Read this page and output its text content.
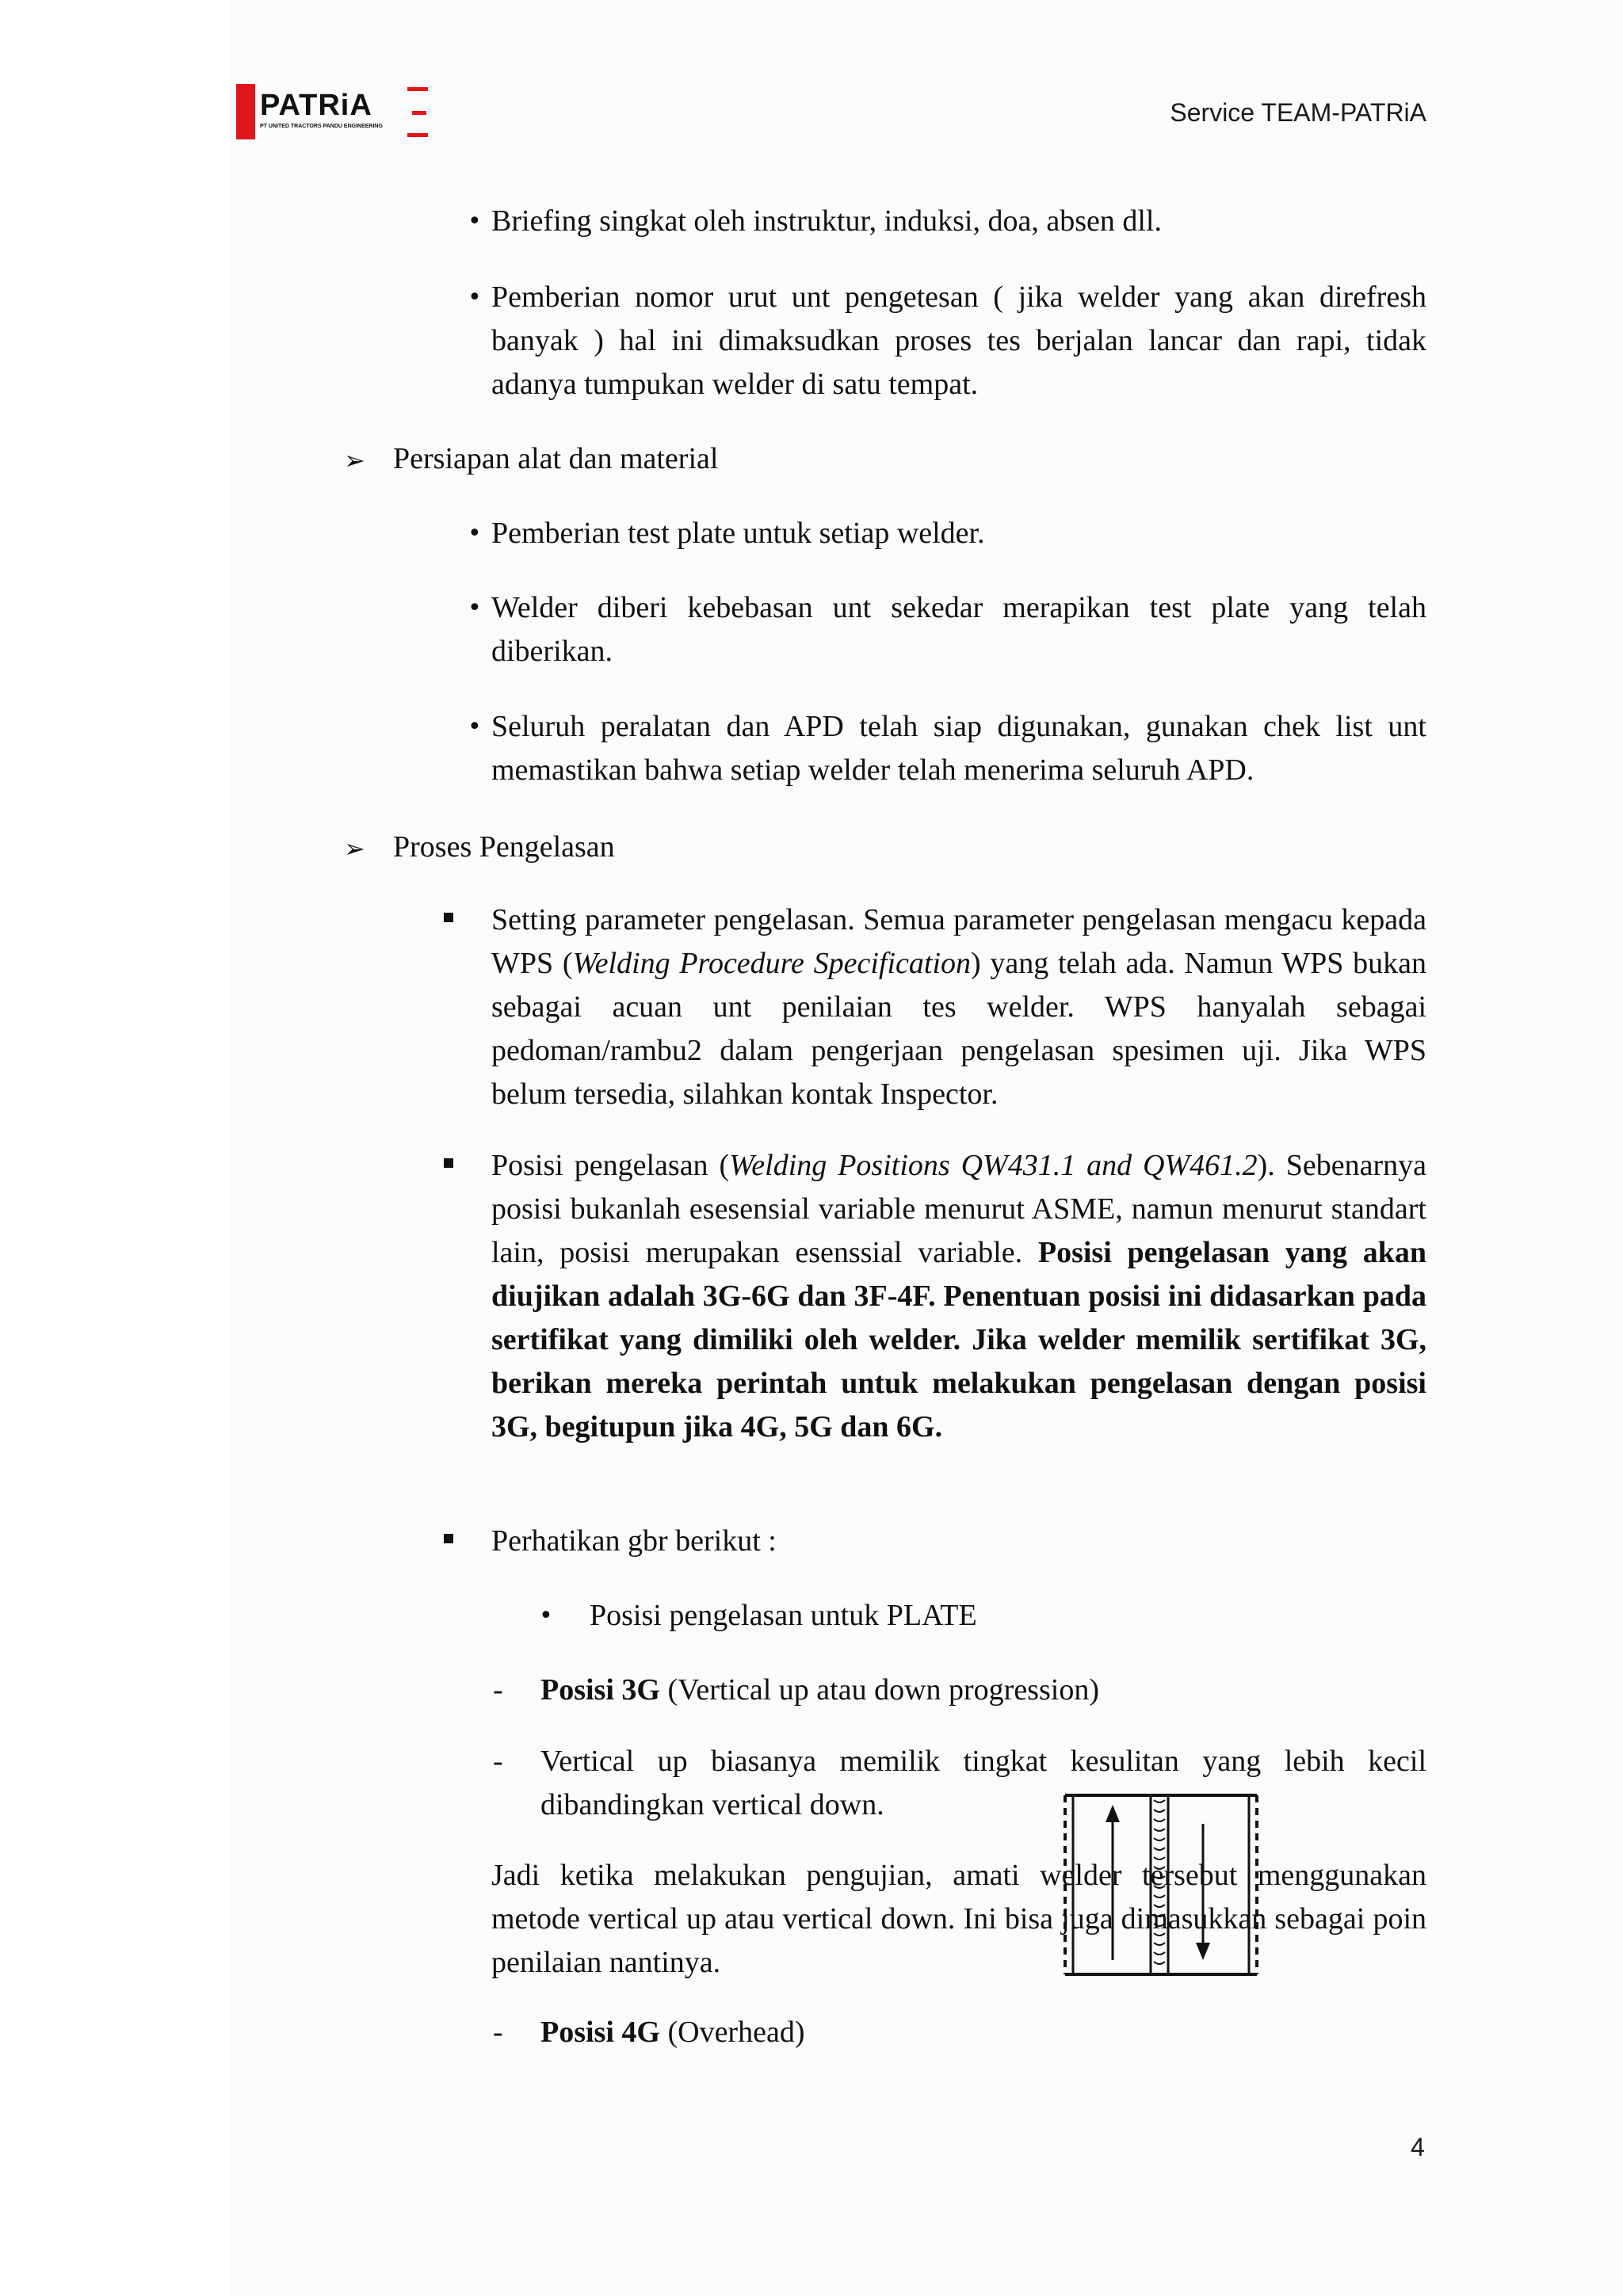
PATRiA
PT UNITED TRACTORS PANDU ENGINEERING	Service TEAM-PATRiA
• Briefing singkat oleh instruktur, induksi, doa, absen dll.
• Pemberian nomor urut unt pengetesan ( jika welder yang akan direfresh banyak ) hal ini dimaksudkan proses tes berjalan lancar dan rapi, tidak adanya tumpukan welder di satu tempat.
➢ Persiapan alat dan material
• Pemberian test plate untuk setiap welder.
• Welder diberi kebebasan unt sekedar merapikan test plate yang telah diberikan.
• Seluruh peralatan dan APD telah siap digunakan, gunakan chek list unt memastikan bahwa setiap welder telah menerima seluruh APD.
➢ Proses Pengelasan
Setting parameter pengelasan. Semua parameter pengelasan mengacu kepada WPS (Welding Procedure Specification) yang telah ada. Namun WPS bukan sebagai acuan unt penilaian tes welder. WPS hanyalah sebagai pedoman/rambu2 dalam pengerjaan pengelasan spesimen uji. Jika WPS belum tersedia, silahkan kontak Inspector.
Posisi pengelasan (Welding Positions QW431.1 and QW461.2). Sebenarnya posisi bukanlah esesensial variable menurut ASME, namun menurut standart lain, posisi merupakan esenssial variable. Posisi pengelasan yang akan diujikan adalah 3G-6G dan 3F-4F. Penentuan posisi ini didasarkan pada sertifikat yang dimiliki oleh welder. Jika welder memilik sertifikat 3G, berikan mereka perintah untuk melakukan pengelasan dengan posisi 3G, begitupun jika 4G, 5G dan 6G.
Perhatikan gbr berikut :
• Posisi pengelasan untuk PLATE
- Posisi 3G (Vertical up atau down progression)
- Vertical up biasanya memilik tingkat kesulitan yang lebih kecil dibandingkan vertical down.
Jadi ketika melakukan pengujian, amati welder tersebut menggunakan metode vertical up atau vertical down. Ini bisa juga dimasukkan sebagai poin penilaian nantinya.
- Posisi 4G (Overhead)
4
